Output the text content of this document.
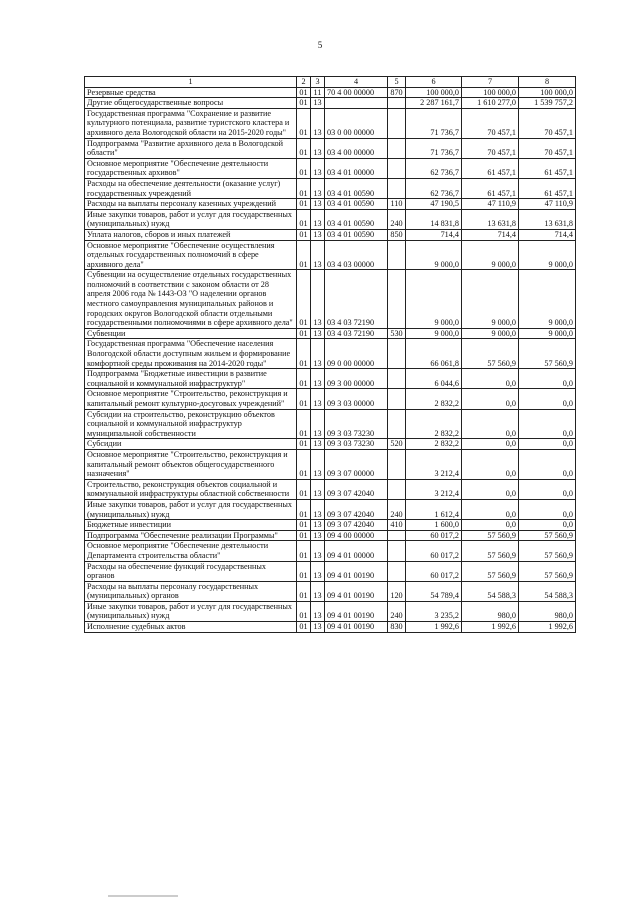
5
1	2	3	4	5	6	7	8
Резервные средства	01	11	70 4 00 00000	870	100 000,0	100 000,0	100 000,0
Другие общегосударственные вопросы	01	13			2 287 161,7	1 610 277,0	1 539 757,2
Государственная программа "Сохранение и развитие культурного потенциала, развитие туристского кластера и архивного дела Вологодской области на 2015-2020 годы"	01	13	03 0 00 00000		71 736,7	70 457,1	70 457,1
Подпрограмма "Развитие архивного дела в Вологодской области"	01	13	03 4 00 00000		71 736,7	70 457,1	70 457,1
Основное мероприятие "Обеспечение деятельности государственных архивов"	01	13	03 4 01 00000		62 736,7	61 457,1	61 457,1
Расходы на обеспечение деятельности (оказание услуг) государственных учреждений	01	13	03 4 01 00590		62 736,7	61 457,1	61 457,1
Расходы на выплаты персоналу казенных учреждений	01	13	03 4 01 00590	110	47 190,5	47 110,9	47 110,9
Иные закупки товаров, работ и услуг для государственных (муниципальных) нужд	01	13	03 4 01 00590	240	14 831,8	13 631,8	13 631,8
Уплата налогов, сборов и иных платежей	01	13	03 4 01 00590	850	714,4	714,4	714,4
Основное мероприятие "Обеспечение осуществления отдельных государственных полномочий в сфере архивного дела"	01	13	03 4 03 00000		9 000,0	9 000,0	9 000,0
Субвенции на осуществление отдельных государственных полномочий в соответствии с законом области от 28 апреля 2006 года № 1443-ОЗ "О наделении органов местного самоуправления муниципальных районов и городских округов Вологодской области отдельными государственными полномочиями в сфере архивного дела"	01	13	03 4 03 72190		9 000,0	9 000,0	9 000,0
Субвенции	01	13	03 4 03 72190	530	9 000,0	9 000,0	9 000,0
Государственная программа "Обеспечение населения Вологодской области доступным жильем и формирование комфортной среды проживания на 2014-2020 годы"	01	13	09 0 00 00000		66 061,8	57 560,9	57 560,9
Подпрограмма "Бюджетные инвестиции в развитие социальной и коммунальной инфраструктур"	01	13	09 3 00 00000		6 044,6	0,0	0,0
Основное мероприятие "Строительство, реконструкция и капитальный ремонт культурно-досуговых учреждений"	01	13	09 3 03 00000		2 832,2	0,0	0,0
Субсидии на строительство, реконструкцию объектов социальной и коммунальной инфраструктур муниципальной собственности	01	13	09 3 03 73230		2 832,2	0,0	0,0
Субсидии	01	13	09 3 03 73230	520	2 832,2	0,0	0,0
Основное мероприятие "Строительство, реконструкция и капитальный ремонт объектов общегосударственного назначения"	01	13	09 3 07 00000		3 212,4	0,0	0,0
Строительство, реконструкция объектов социальной и коммунальной инфраструктуры областной собственности	01	13	09 3 07 42040		3 212,4	0,0	0,0
Иные закупки товаров, работ и услуг для государственных (муниципальных) нужд	01	13	09 3 07 42040	240	1 612,4	0,0	0,0
Бюджетные инвестиции	01	13	09 3 07 42040	410	1 600,0	0,0	0,0
Подпрограмма "Обеспечение реализации Программы"	01	13	09 4 00 00000		60 017,2	57 560,9	57 560,9
Основное мероприятие "Обеспечение деятельности Департамента строительства области"	01	13	09 4 01 00000		60 017,2	57 560,9	57 560,9
Расходы на обеспечение функций государственных органов	01	13	09 4 01 00190		60 017,2	57 560,9	57 560,9
Расходы на выплаты персоналу государственных (муниципальных) органов	01	13	09 4 01 00190	120	54 789,4	54 588,3	54 588,3
Иные закупки товаров, работ и услуг для государственных (муниципальных) нужд	01	13	09 4 01 00190	240	3 235,2	980,0	980,0
Исполнение судебных актов	01	13	09 4 01 00190	830	1 992,6	1 992,6	1 992,6
